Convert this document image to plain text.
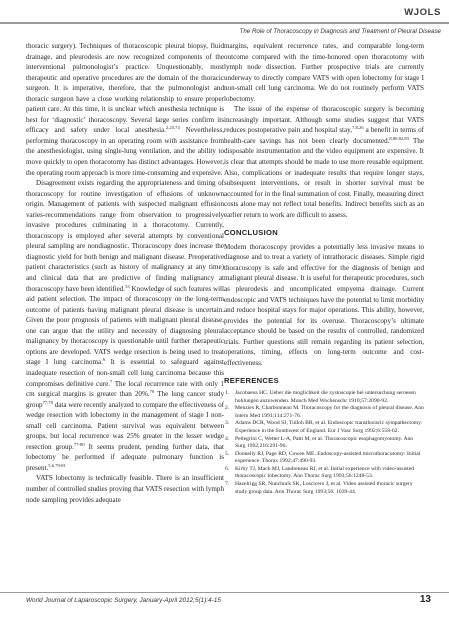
WJOLS
The Role of Thoracoscopy in Diagnosis and Treatment of Pleural Disease

thoracic surgery). Techniques of thoracoscopic pleural biopsy, fluid drainage, and pleurodesis are now recognized components of the interventional pulmonologist’s practice. Unquestionably, most therapeutic and operative procedures are the domain of the thoracic surgeon. It is imperative, therefore, that the pulmonologist and thoracic surgeon have a close working relationship to ensure proper patient care. At this time, it is unclear which anesthesia technique is best for ‘diagnostic’ thoracoscopy. Several large series confirm its efficacy and safety under local anesthesia.$^{2,25,74}$ Nevertheless, performing thoracoscopy in an operating room with assistance from the anesthesiologist, using single-lung ventilation, and the ability to move quickly to open thoracotomy has distinct advantages. However, the operating room approach is more time-consuming and expensive.

Disagreement exists regarding the appropriateness and timing of thoracoscopy for routine investigation of effusions of unknown origin. Management of patients with suspected malignant effusion varies-recommendations range from observation to progressively invasive procedures culminating in a thoracotomy. Currently, thoracoscopy is employed after several attempts by conventional pleural sampling are nondiagnostic. Thoracoscopy does increase the diagnostic yield for both benign and malignant disease. Preoperative patient characteristics (such as history of malignancy at any time) and clinical data that are predictive of finding malignancy at thoracoscopy have been identified.$^{53}$ Knowledge of such features will aid patient selection. The impact of thoracoscopy on the long-term outcome of patients having malignant pleural disease is uncertain. Given the poor prognosis of patients with malignant pleural disease, one can argue that the utility and necessity of diagnosing pleural malignancy by thoracoscopy is questionable until further therapeutic options are developed. VATS wedge resection is being used to treat stage I lung carcinoma.$^6$ It is essential to safeguard against inadequate resection of non-small cell lung carcinoma because this compromises definitive cure.$^7$ The local recurrence rate with only 1 cm surgical margins is greater than 20%.$^{76}$ The lung cancer study group$^{77,78}$ data were recently analyzed to compare the effectiveness of wedge resection with lobectomy in the management of stage I non-small cell carcinoma. Patient survival was equivalent between groups, but local recurrence was 25% greater in the lesser wedge resection group.$^{77-80}$ It seems prudent, pending further data, that lobectomy be performed if adequate pulmonary function is present.$^{5,6,79-81}$

VATS lobectomy is technically feasible. There is an insufficient number of controlled studies proving that VATS resection with lymph node sampling provides adequate

margins, equivalent recurrence rates, and comparable long-term outcome compared with the time-honored open thoracotomy with lymph node dissection. Further prospective trials are currently underway to directly compare VATS with open lobectomy for stage I non-small cell lung carcinoma. We do not routinely perform VATS lobectomy.

The issue of the expense of thoracoscopic surgery is becoming increasingly important. Although some studies suggest that VATS reduces postoperative pain and hospital stay,$^{7,8,26}$ a benefit in terms of health-care savings has not been clearly documented.$^{8,80,82,83}$ The disposable instrumentation and the video equipment are expensive. It is clear that attempts should be made to use more reusable equipment. Also, complications or inadequate results that require longer stays, subsequent interventions, or result in shorter survival must be accounted for in the final summation of cost. Finally, measuring direct costs alone may not reflect total benefits. Indirect benefits such as an earlier return to work are difficult to assess.

CONCLUSION

Modern thoracoscopy provides a potentially less invasive means to diagnose and to treat a variety of intrathoracic diseases. Simple rigid thoracoscopy is safe and effective for the diagnosis of benign and malignant pleural disease. It is useful for therapeutic procedures, such as pleurodesis and uncomplicated empyema drainage. Current endoscopic and VATS techniques have the potential to limit morbidity and reduce hospital stays for major operations. This ability, however, provides the potential for its overuse. Thoracoscopy’s ultimate acceptance should be based on the results of controlled, randomized trials. Further questions still remain regarding its patient selection, operations, timing, effects on long-term outcome and cost-effectiveness.

REFERENCES
1. Jacobaeus HC. Ueber die moglichkeit die zystoscopie bei untersuchung seroesen hohlungen anzuwenden. Munch Med Wochenschr 1910;57:2090-92.
2. Menzies R, Charbonneau M. Thoracoscopy for the diagnosis of pleural disease. Ann Intern Med 1991;114:271-76.
3. Adams DCR, Wood SJ, Tulloh BR, et al. Endoscopic transthoracic sympathectomy: Experience in the Southwest of England. Eur J Vasc Surg 1992;6:558-62.
4. Pellegrini C, Wetter L-A, Patti M, et al. Thoracoscopic esophagomyotomy. Ann Surg 1992;216:291-96.
5. Donnelly RJ, Page RD, Cowen ME. Endoscopy-assisted microthoracotomy: Initial experience. Thorax 1992;47:490-93.
6. Kirby TJ, Mack MJ, Landreneau RJ, et al. Initial experience with video-assisted thoracoscopic lobectomy. Ann Thorac Surg 1993;56:1248-53.
7. Hazelrigg SR, Nunchuck SK, Loscicero J, et al. Video assisted thoracic surgery study group data. Ann Thorac Surg 1993;56: 1039-44.
World Journal of Laparoscopic Surgery, January-April 2012;5(1):4-15	13
